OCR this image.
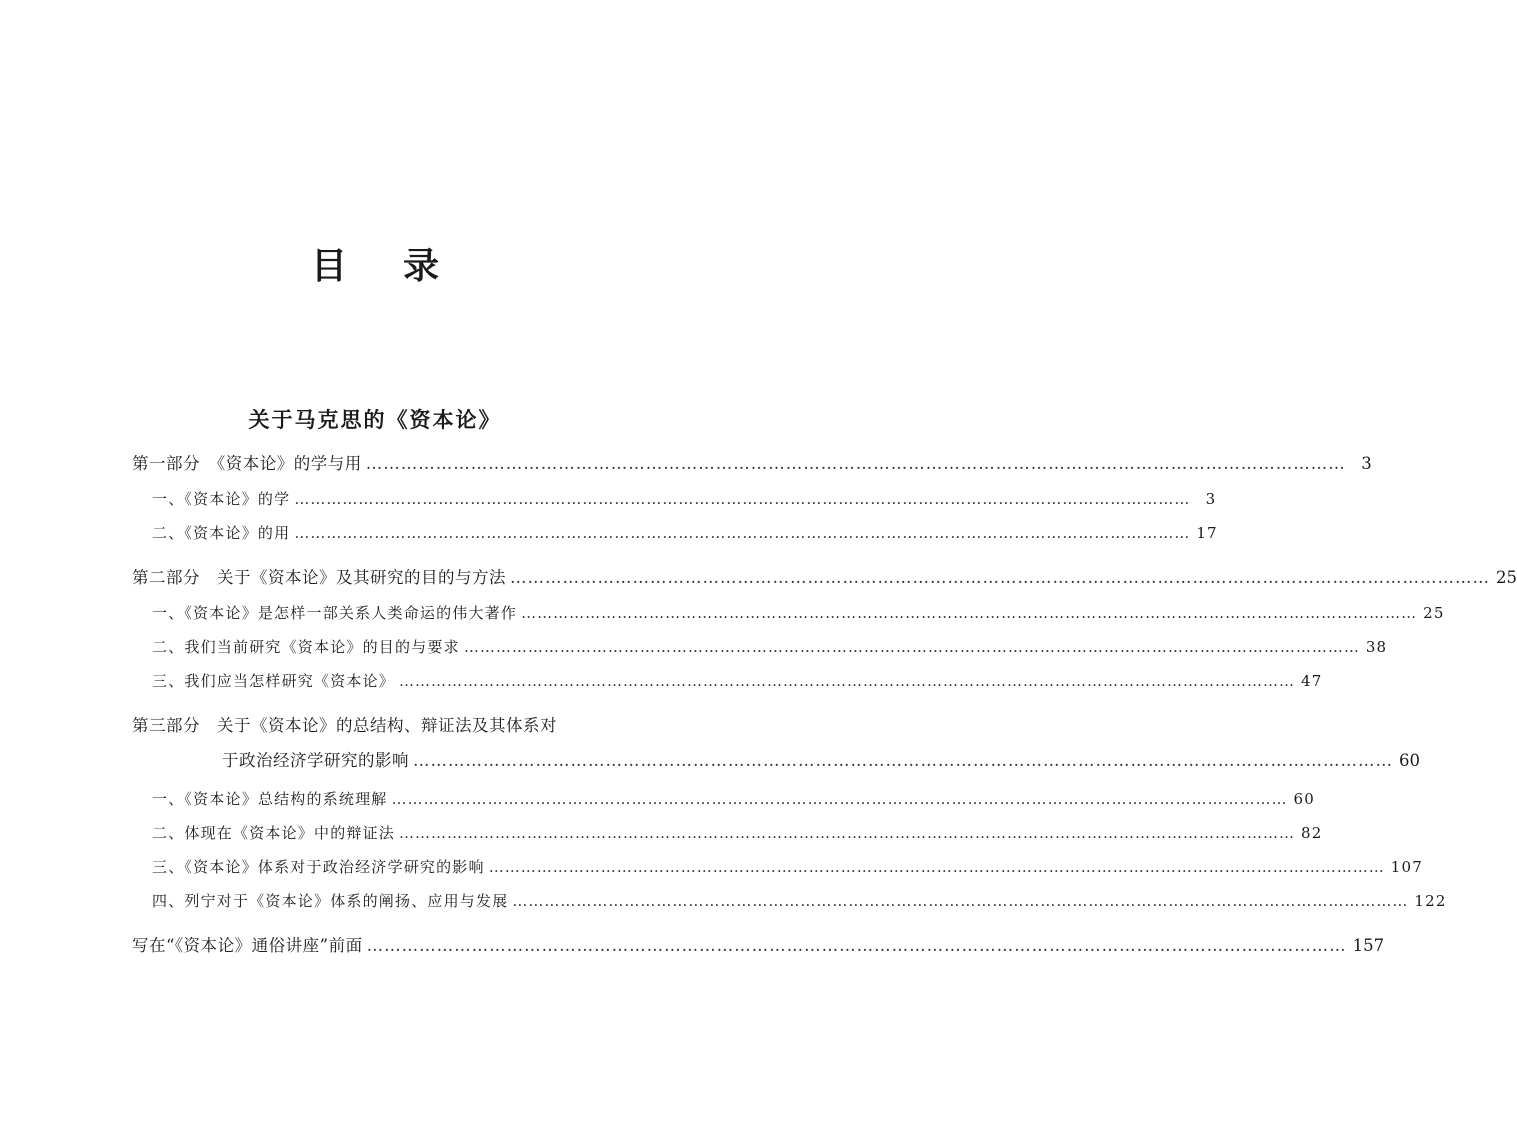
目录
关于马克思的《资本论》
第一部分　《资本论》的学与用 …………………………………………………………………………………………………………………………………………………… 3
一、《资本论》的学 ……………………………………………………………………………………………………………………………………………………	3
二、《资本论》的用 …………………………………………………………………………………………………………………………………………………… 17
第二部分　关于《资本论》及其研究的目的与方法 …………………………………………………………………………………………………………………………………………………… 25
一、《资本论》是怎样一部关系人类命运的伟大著作 …………………………………………………………………………………………………………………………………………………… 25
二、我们当前研究《资本论》的目的与要求 …………………………………………………………………………………………………………………………………………………… 38
三、我们应当怎样研究《资本论》 …………………………………………………………………………………………………………………………………………………… 47
第三部分　关于《资本论》的总结构、辩证法及其体系对
于政治经济学研究的影响 …………………………………………………………………………………………………………………………………………………… 60
一、《资本论》总结构的系统理解 …………………………………………………………………………………………………………………………………………………… 60
二、体现在《资本论》中的辩证法 …………………………………………………………………………………………………………………………………………………… 82
三、《资本论》体系对于政治经济学研究的影响 …………………………………………………………………………………………………………………………………………………… 107
四、列宁对于《资本论》体系的阐扬、应用与发展 …………………………………………………………………………………………………………………………………………………… 122
写在“《资本论》通俗讲座”前面 …………………………………………………………………………………………………………………………………………………… 157
